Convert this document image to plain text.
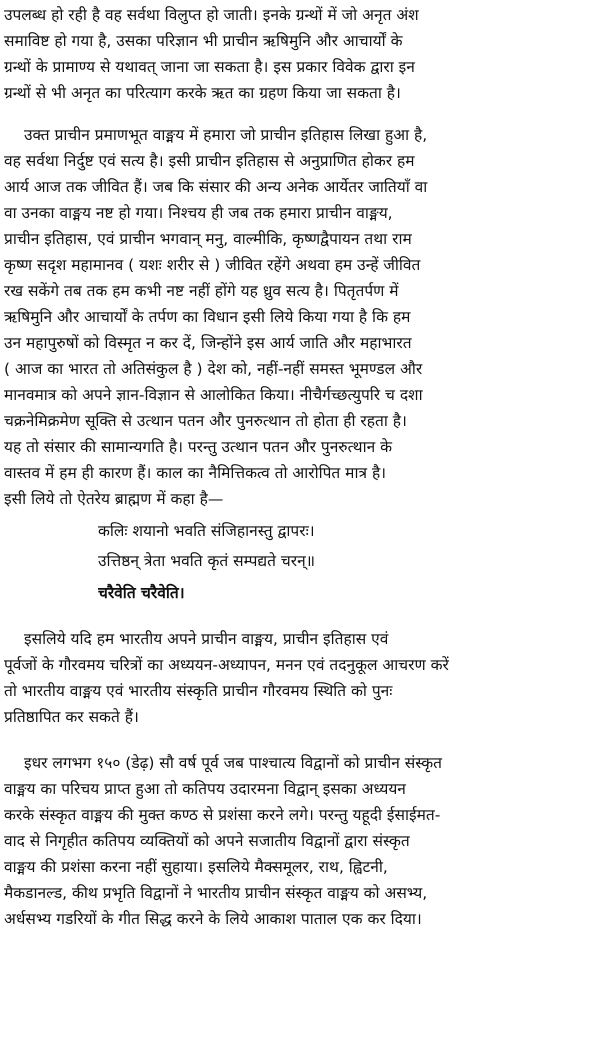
उपलब्ध हो रही है वह सर्वथा विलुप्त हो जाती। इनके ग्रन्थों में जो अनृत अंश
समाविष्ट हो गया है, उसका परिज्ञान भी प्राचीन ऋषिमुनि और आचार्यों के
ग्रन्थों के प्रामाण्य से यथावत् जाना जा सकता है। इस प्रकार विवेक द्वारा इन
ग्रन्थों से भी अनृत का परित्याग करके ऋत का ग्रहण किया जा सकता है।
उक्त प्राचीन प्रमाणभूत वाङ्मय में हमारा जो प्राचीन इतिहास लिखा हुआ है,
वह सर्वथा निर्दुष्ट एवं सत्य है। इसी प्राचीन इतिहास से अनुप्राणित होकर हम
आर्य आज तक जीवित हैं। जब कि संसार की अन्य अनेक आर्येतर जातियाँ वा
वा उनका वाङ्मय नष्ट हो गया। निश्चय ही जब तक हमारा प्राचीन वाङ्मय,
प्राचीन इतिहास, एवं प्राचीन भगवान् मनु, वाल्मीकि, कृष्णद्वैपायन तथा राम
कृष्ण सदृश महामानव ( यशः शरीर से ) जीवित रहेंगे अथवा हम उन्हें जीवित
रख सकेंगे तब तक हम कभी नष्ट नहीं होंगे यह ध्रुव सत्य है। पितृतर्पण में
ऋषिमुनि और आचार्यों के तर्पण का विधान इसी लिये किया गया है कि हम
उन महापुरुषों को विस्मृत न कर दें, जिन्होंने इस आर्य जाति और महाभारत
( आज का भारत तो अतिसंकुल है ) देश को, नहीं-नहीं समस्त भूमण्डल और
मानवमात्र को अपने ज्ञान-विज्ञान से आलोकित किया। नीचैर्गच्छत्युपरि च दशा
चक्रनेमिक्रमेण सूक्ति से उत्थान पतन और पुनरुत्थान तो होता ही रहता है।
यह तो संसार की सामान्यगति है। परन्तु उत्थान पतन और पुनरुत्थान के
वास्तव में हम ही कारण हैं। काल का नैमित्तिकत्व तो आरोपित मात्र है।
इसी लिये तो ऐतरेय ब्राह्मण में कहा है—
कलिः शयानो भवति संजिहानस्तु द्वापरः।
उत्तिष्ठन् त्रेता भवति कृतं सम्पद्यते चरन्॥
चरैवेति चरैवेति।
इसलिये यदि हम भारतीय अपने प्राचीन वाङ्मय, प्राचीन इतिहास एवं
पूर्वजों के गौरवमय चरित्रों का अध्ययन-अध्यापन, मनन एवं तदनुकूल आचरण करें
तो भारतीय वाङ्मय एवं भारतीय संस्कृति प्राचीन गौरवमय स्थिति को पुनः
प्रतिष्ठापित कर सकते हैं।
इधर लगभग १५० (डेढ़) सौ वर्ष पूर्व जब पाश्चात्य विद्वानों को प्राचीन संस्कृत
वाङ्मय का परिचय प्राप्त हुआ तो कतिपय उदारमना विद्वान् इसका अध्ययन
करके संस्कृत वाङ्मय की मुक्त कण्ठ से प्रशंसा करने लगे। परन्तु यहूदी ईसाईमत-
वाद से निगृहीत कतिपय व्यक्तियों को अपने सजातीय विद्वानों द्वारा संस्कृत
वाङ्मय की प्रशंसा करना नहीं सुहाया। इसलिये मैक्समूलर, राथ, ह्विटनी,
मैकडानल्ड, कीथ प्रभृति विद्वानों ने भारतीय प्राचीन संस्कृत वाङ्मय को असभ्य,
अर्धसभ्य गडरियों के गीत सिद्ध करने के लिये आकाश पाताल एक कर दिया।
